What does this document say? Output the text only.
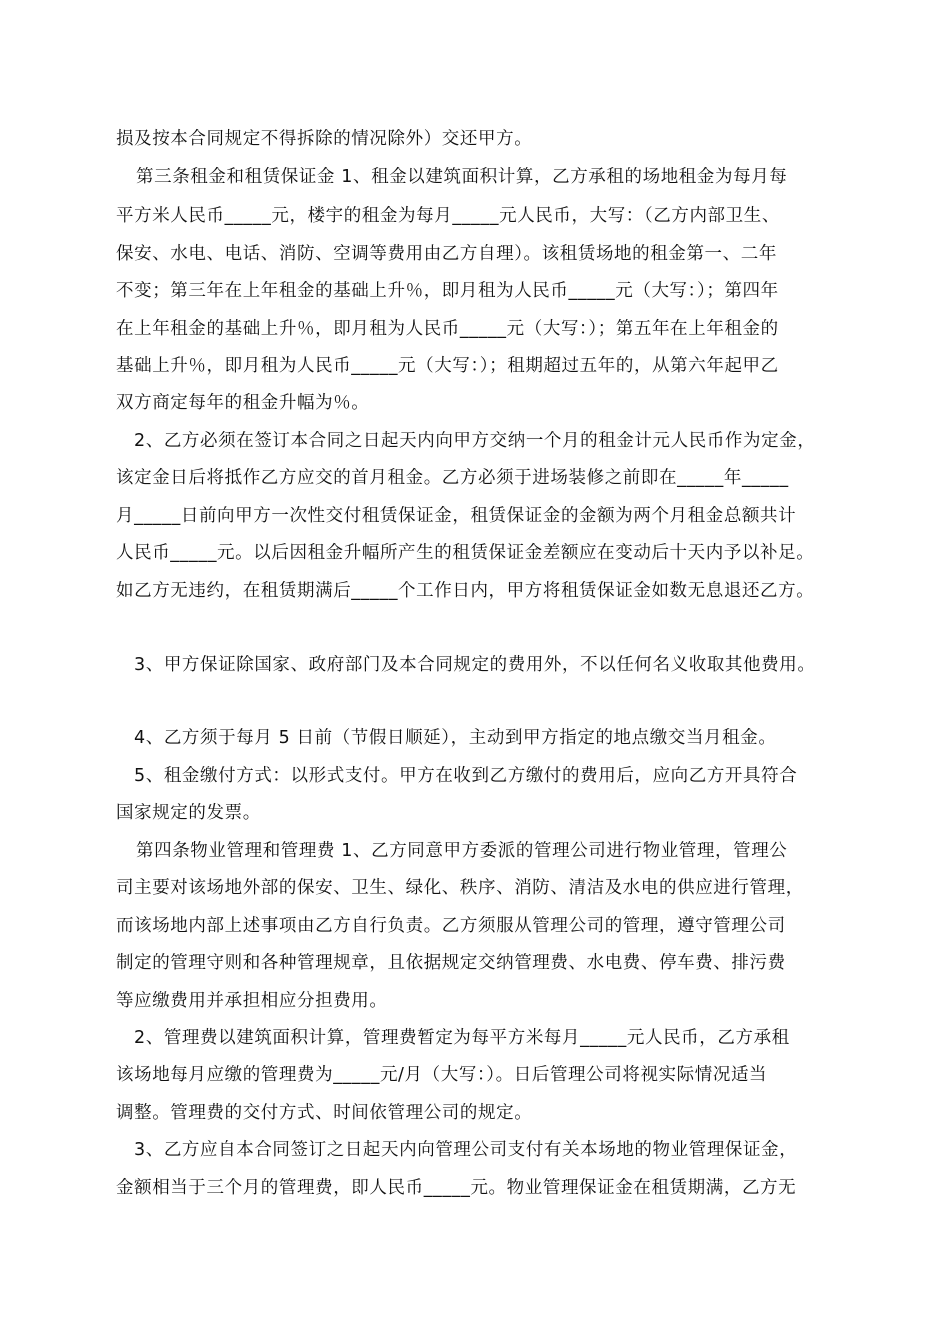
损及按本合同规定不得拆除的情况除外）交还甲方。
第三条租金和租赁保证金 1、租金以建筑面积计算，乙方承租的场地租金为每月每
平方米人民币_____元，楼宇的租金为每月_____元人民币，大写：（乙方内部卫生、
保安、水电、电话、消防、空调等费用由乙方自理）。该租赁场地的租金第一、二年
不变；第三年在上年租金的基础上升％，即月租为人民币_____元（大写：）；第四年
在上年租金的基础上升％，即月租为人民币_____元（大写：）；第五年在上年租金的
基础上升％，即月租为人民币_____元（大写：）；租期超过五年的，从第六年起甲乙
双方商定每年的租金升幅为％。
2、乙方必须在签订本合同之日起天内向甲方交纳一个月的租金计元人民币作为定金，
该定金日后将抵作乙方应交的首月租金。乙方必须于进场装修之前即在_____年_____
月_____日前向甲方一次性交付租赁保证金，租赁保证金的金额为两个月租金总额共计
人民币_____元。以后因租金升幅所产生的租赁保证金差额应在变动后十天内予以补足。
如乙方无违约，在租赁期满后_____个工作日内，甲方将租赁保证金如数无息退还乙方。
3、甲方保证除国家、政府部门及本合同规定的费用外，不以任何名义收取其他费用。
4、乙方须于每月 5 日前（节假日顺延），主动到甲方指定的地点缴交当月租金。
5、租金缴付方式：以形式支付。甲方在收到乙方缴付的费用后，应向乙方开具符合
国家规定的发票。
第四条物业管理和管理费 1、乙方同意甲方委派的管理公司进行物业管理，管理公
司主要对该场地外部的保安、卫生、绿化、秩序、消防、清洁及水电的供应进行管理，
而该场地内部上述事项由乙方自行负责。乙方须服从管理公司的管理，遵守管理公司
制定的管理守则和各种管理规章，且依据规定交纳管理费、水电费、停车费、排污费
等应缴费用并承担相应分担费用。
2、管理费以建筑面积计算，管理费暂定为每平方米每月_____元人民币，乙方承租
该场地每月应缴的管理费为_____元/月（大写：）。日后管理公司将视实际情况适当
调整。管理费的交付方式、时间依管理公司的规定。
3、乙方应自本合同签订之日起天内向管理公司支付有关本场地的物业管理保证金，
金额相当于三个月的管理费，即人民币_____元。物业管理保证金在租赁期满，乙方无
